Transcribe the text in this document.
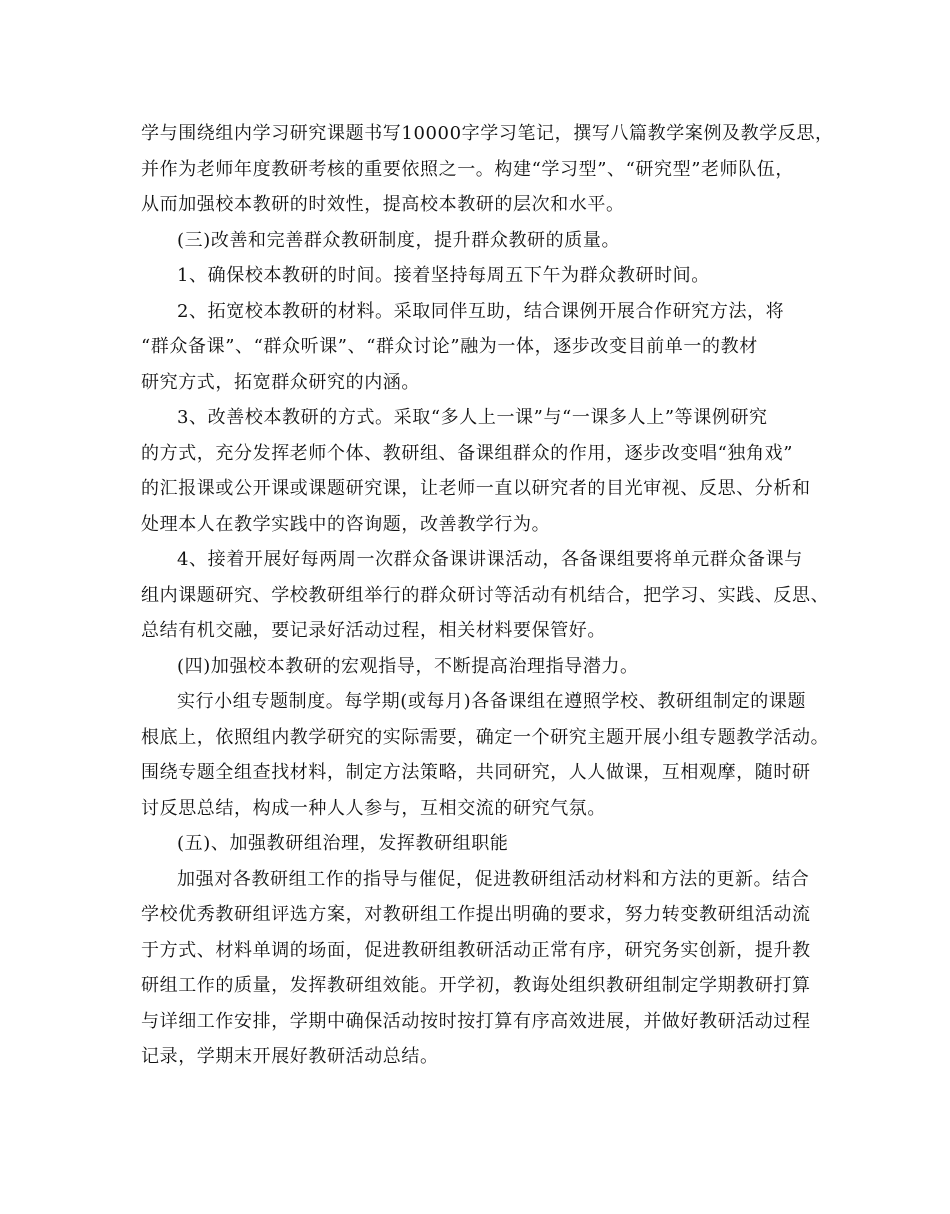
学与围绕组内学习研究课题书写10000字学习笔记，撰写八篇教学案例及教学反思，
并作为老师年度教研考核的重要依照之一。构建“学习型”、“研究型”老师队伍，
从而加强校本教研的时效性，提高校本教研的层次和水平。
(三)改善和完善群众教研制度，提升群众教研的质量。
1、确保校本教研的时间。接着坚持每周五下午为群众教研时间。
2、拓宽校本教研的材料。采取同伴互助，结合课例开展合作研究方法，将
“群众备课”、“群众听课”、“群众讨论”融为一体，逐步改变目前单一的教材
研究方式，拓宽群众研究的内涵。
3、改善校本教研的方式。采取“多人上一课”与“一课多人上”等课例研究
的方式，充分发挥老师个体、教研组、备课组群众的作用，逐步改变唱“独角戏”
的汇报课或公开课或课题研究课，让老师一直以研究者的目光审视、反思、分析和
处理本人在教学实践中的咨询题，改善教学行为。
4、接着开展好每两周一次群众备课讲课活动，各备课组要将单元群众备课与
组内课题研究、学校教研组举行的群众研讨等活动有机结合，把学习、实践、反思、
总结有机交融，要记录好活动过程，相关材料要保管好。
(四)加强校本教研的宏观指导，不断提高治理指导潜力。
实行小组专题制度。每学期(或每月)各备课组在遵照学校、教研组制定的课题
根底上，依照组内教学研究的实际需要，确定一个研究主题开展小组专题教学活动。
围绕专题全组查找材料，制定方法策略，共同研究，人人做课，互相观摩，随时研
讨反思总结，构成一种人人参与，互相交流的研究气氛。
(五)、加强教研组治理，发挥教研组职能
加强对各教研组工作的指导与催促，促进教研组活动材料和方法的更新。结合
学校优秀教研组评选方案，对教研组工作提出明确的要求，努力转变教研组活动流
于方式、材料单调的场面，促进教研组教研活动正常有序，研究务实创新，提升教
研组工作的质量，发挥教研组效能。开学初，教诲处组织教研组制定学期教研打算
与详细工作安排，学期中确保活动按时按打算有序高效进展，并做好教研活动过程
记录，学期末开展好教研活动总结。
